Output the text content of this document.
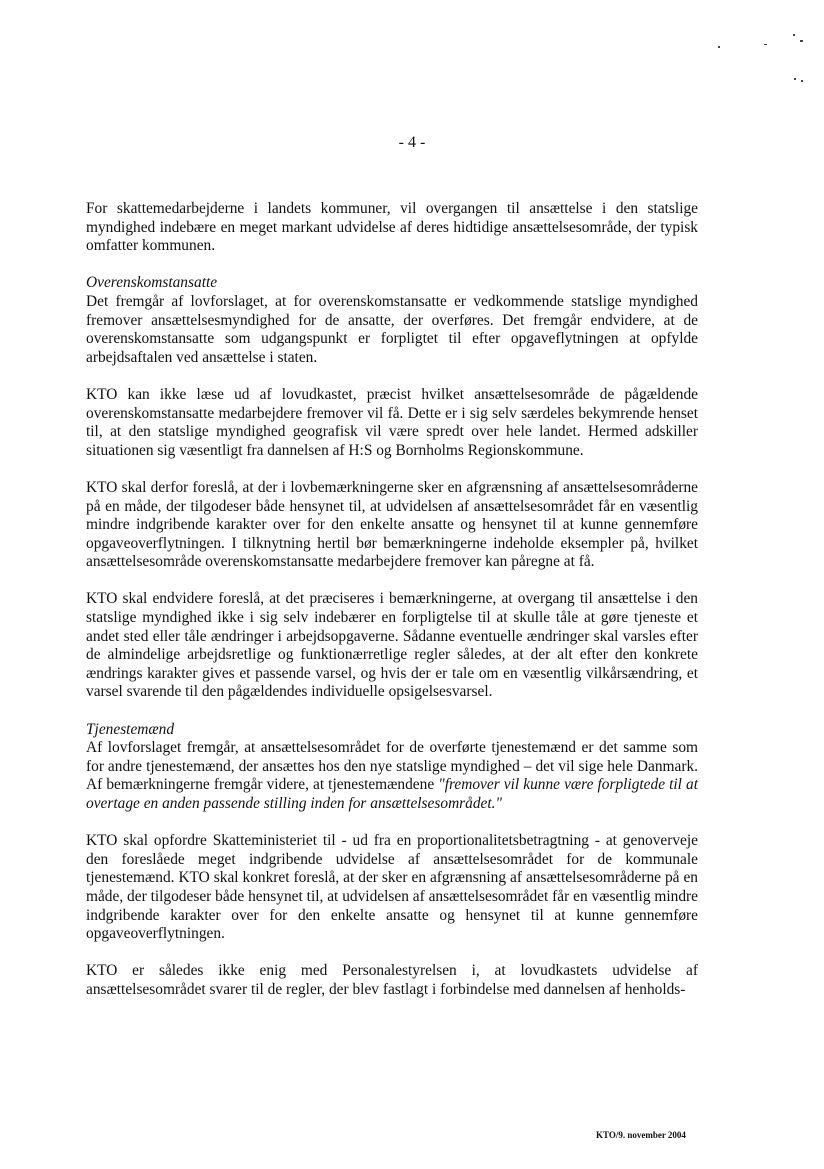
- 4 -

For skattemedarbejderne i landets kommuner, vil overgangen til ansættelse i den statslige myndighed indebære en meget markant udvidelse af deres hidtidige ansættelsesområde, der typisk omfatter kommunen.

Overenskomstansatte
Det fremgår af lovforslaget, at for overenskomstansatte er vedkommende statslige myndighed fremover ansættelsesmyndighed for de ansatte, der overføres. Det fremgår endvidere, at de overenskomstansatte som udgangspunkt er forpligtet til efter opgaveflytningen at opfylde arbejdsaftalen ved ansættelse i staten.

KTO kan ikke læse ud af lovudkastet, præcist hvilket ansættelsesområde de pågældende overenskomstansatte medarbejdere fremover vil få. Dette er i sig selv særdeles bekymrende henset til, at den statslige myndighed geografisk vil være spredt over hele landet. Hermed adskiller situationen sig væsentligt fra dannelsen af H:S og Bornholms Regionskommune.

KTO skal derfor foreslå, at der i lovbemærkningerne sker en afgrænsning af ansættelsesområderne på en måde, der tilgodeser både hensynet til, at udvidelsen af ansættelsesområdet får en væsentlig mindre indgribende karakter over for den enkelte ansatte og hensynet til at kunne gennemføre opgaveoverflytningen. I tilknytning hertil bør bemærkningerne indeholde eksempler på, hvilket ansættelsesområde overenskomstansatte medarbejdere fremover kan påregne at få.

KTO skal endvidere foreslå, at det præciseres i bemærkningerne, at overgang til ansættelse i den statslige myndighed ikke i sig selv indebærer en forpligtelse til at skulle tåle at gøre tjeneste et andet sted eller tåle ændringer i arbejdsopgaverne. Sådanne eventuelle ændringer skal varsles efter de almindelige arbejdsretlige og funktionærretlige regler således, at der alt efter den konkrete ændrings karakter gives et passende varsel, og hvis der er tale om en væsentlig vilkårsændring, et varsel svarende til den pågældendes individuelle opsigelsesvarsel.

Tjenestemænd
Af lovforslaget fremgår, at ansættelsesområdet for de overførte tjenestemænd er det samme som for andre tjenestemænd, der ansættes hos den nye statslige myndighed – det vil sige hele Danmark. Af bemærkningerne fremgår videre, at tjenestemændene "fremover vil kunne være forpligtede til at overtage en anden passende stilling inden for ansættelsesområdet."

KTO skal opfordre Skatteministeriet til - ud fra en proportionalitetsbetragtning - at genoverveje den foreslåede meget indgribende udvidelse af ansættelsesområdet for de kommunale tjenestemænd. KTO skal konkret foreslå, at der sker en afgrænsning af ansættelsesområderne på en måde, der tilgodeser både hensynet til, at udvidelsen af ansættelsesområdet får en væsentlig mindre indgribende karakter over for den enkelte ansatte og hensynet til at kunne gennemføre opgaveoverflytningen.

KTO er således ikke enig med Personalestyrelsen i, at lovudkastets udvidelse af ansættelsesområdet svarer til de regler, der blev fastlagt i forbindelse med dannelsen af henholds-

KTO/9. november 2004
